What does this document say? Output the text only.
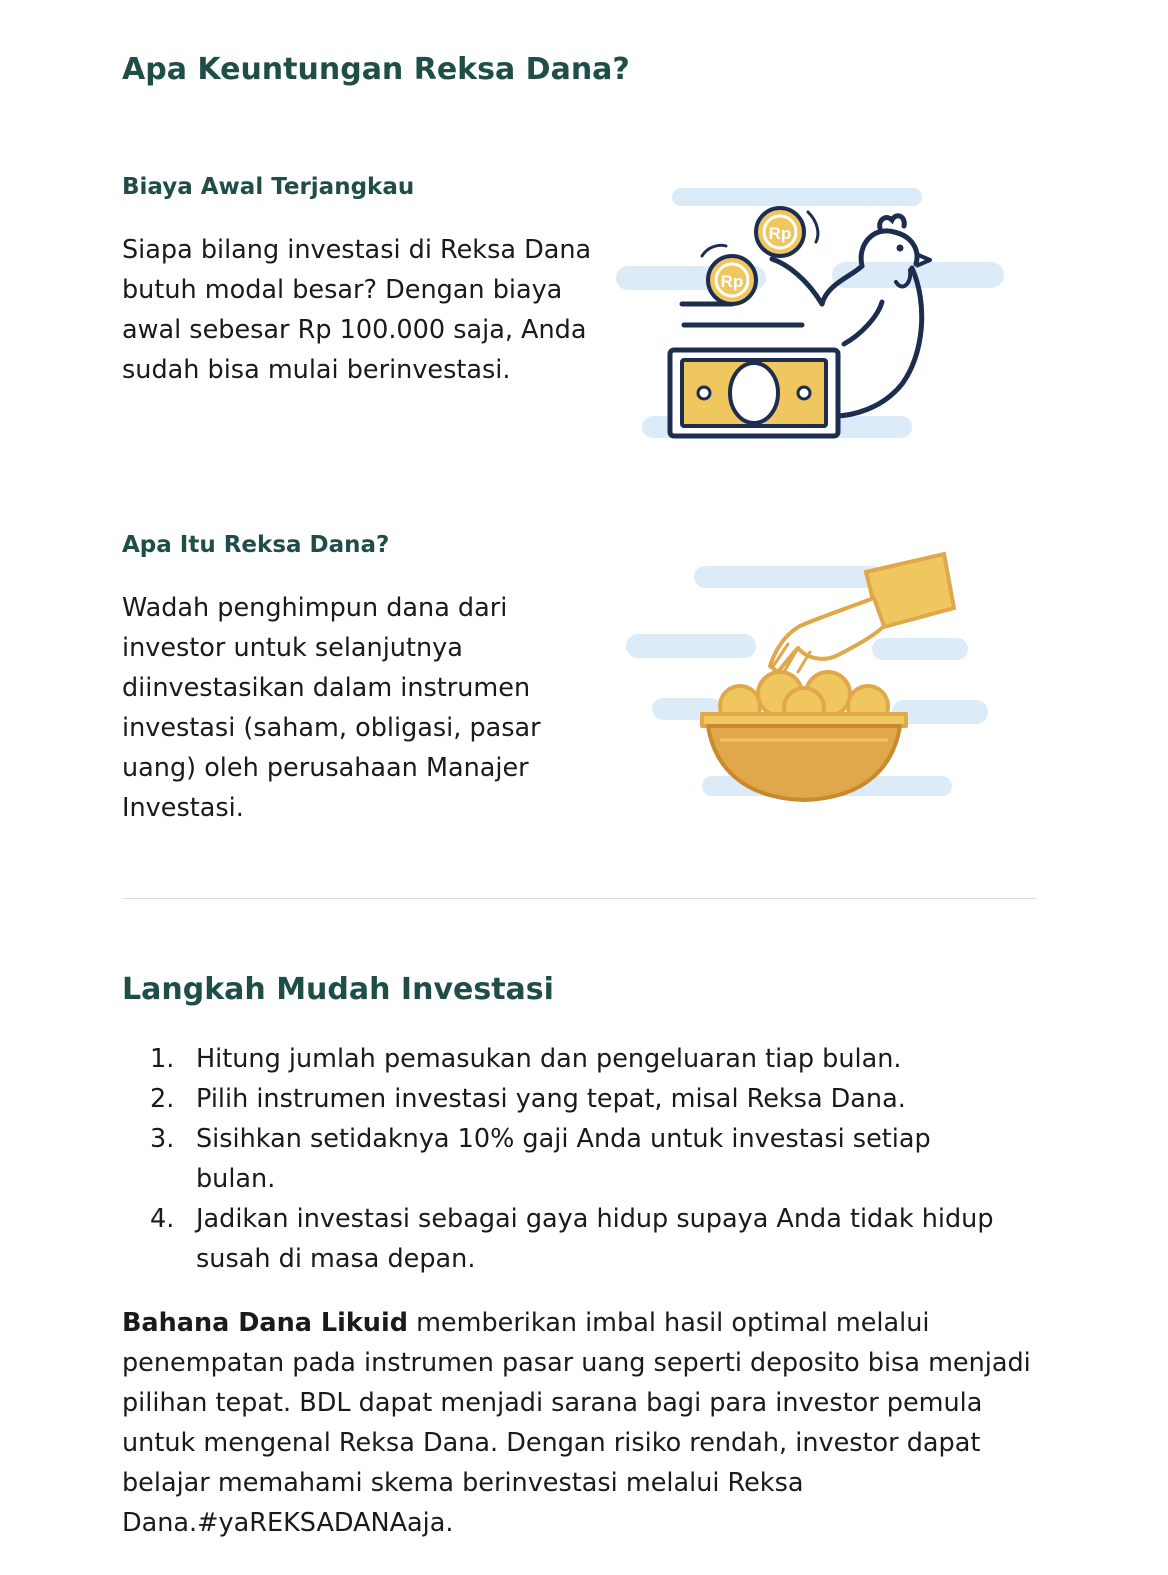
Apa Keuntungan Reksa Dana?
Biaya Awal Terjangkau

Siapa bilang investasi di Reksa Dana butuh modal besar? Dengan biaya awal sebesar Rp 100.000 saja, Anda sudah bisa mulai berinvestasi.

Rp
Rp
Apa Itu Reksa Dana?

Wadah penghimpun dana dari investor untuk selanjutnya diinvestasikan dalam instrumen investasi (saham, obligasi, pasar uang) oleh perusahaan Manajer Investasi.

Langkah Mudah Investasi
1. Hitung jumlah pemasukan dan pengeluaran tiap bulan.
2. Pilih instrumen investasi yang tepat, misal Reksa Dana.
3. Sisihkan setidaknya 10% gaji Anda untuk investasi setiap bulan.
4. Jadikan investasi sebagai gaya hidup supaya Anda tidak hidup susah di masa depan.

Bahana Dana Likuid memberikan imbal hasil optimal melalui penempatan pada instrumen pasar uang seperti deposito bisa menjadi pilihan tepat. BDL dapat menjadi sarana bagi para investor pemula untuk mengenal Reksa Dana. Dengan risiko rendah, investor dapat belajar memahami skema berinvestasi melalui Reksa Dana.#yaREKSADANAaja.
